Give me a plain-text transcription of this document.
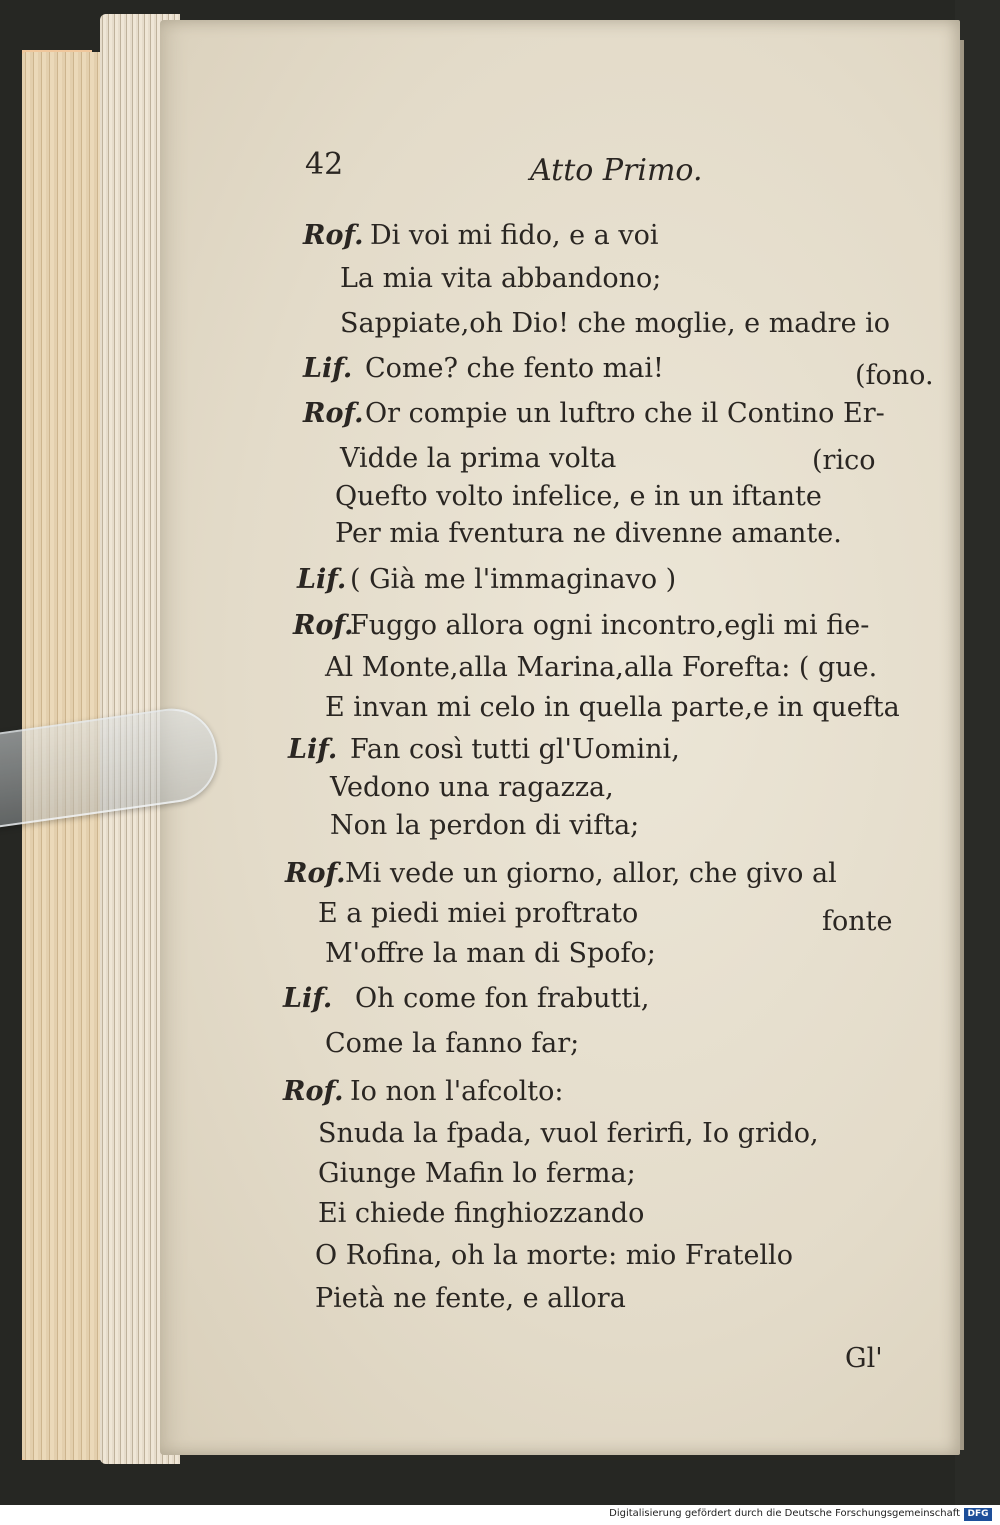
42	Atto Primo.
Rof. Di voi mi fido, e a voi
La mia vita abbandono;
Sappiate,oh Dio! che moglie, e madre io
Lif. Come? che fento mai!	(fono.
Rof. Or compie un luftro che il Contino Er-
Vidde la prima volta	(rico
Quefto volto infelice, e in un iftante
Per mia fventura ne divenne amante.
Lif. ( Già me l'immaginavo )
Rof.
Fuggo allora ogni incontro,egli mi fie-
Al Monte,alla Marina,alla Forefta: ( gue.
E invan mi celo in quella parte,e in quefta
Lif. Fan così tutti gl'Uomini,
Vedono una ragazza,
Non la perdon di vifta;
Rof. Mi vede un giorno, allor, che givo al
E a piedi miei proftrato	fonte
M'offre la man di Spofo;
Lif. Oh come fon frabutti,
Come la fanno far;
Rof. Io non l'afcolto:
Snuda la fpada, vuol ferirfi, Io grido,
Giunge Mafin lo ferma;
Ei chiede finghiozzando
O Rofina, oh la morte: mio Fratello
Pietà ne fente, e allora
Gl'
Digitalisierung gefördert durch die Deutsche Forschungsgemeinschaft DFG
